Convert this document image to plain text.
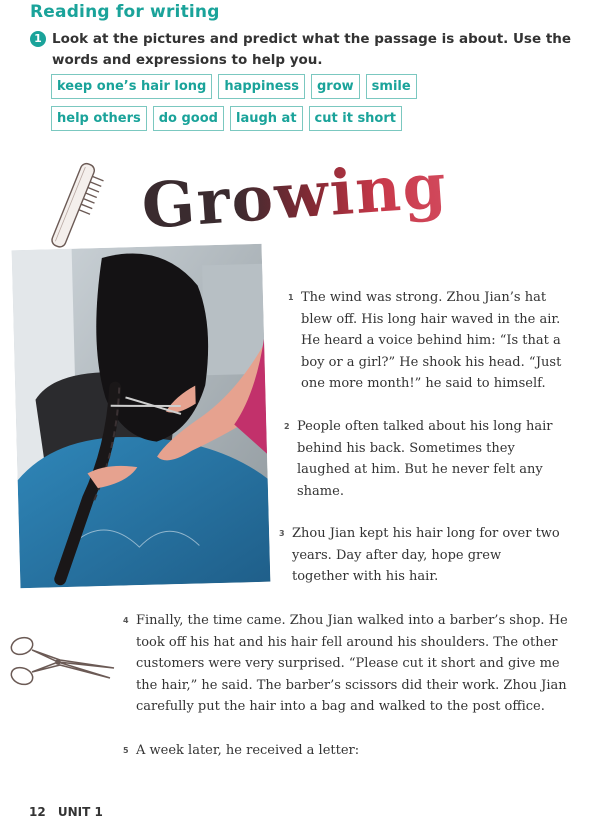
Reading for writing
1 Look at the pictures and predict what the passage is about. Use the words and expressions to help you.
keep one’s hair long	happiness	grow	smile
help others	do good	laugh at	cut it short
Growing
1 The wind was strong. Zhou Jian’s hat blew off. His long hair waved in the air. He heard a voice behind him: “Is that a boy or a girl?” He shook his head. “Just one more month!” he said to himself.
2 People often talked about his long hair behind his back. Sometimes they laughed at him. But he never felt any shame.
3 Zhou Jian kept his hair long for over two years. Day after day, hope grew together with his hair.
4 Finally, the time came. Zhou Jian walked into a barber’s shop. He took off his hat and his hair fell around his shoulders. The other customers were very surprised. “Please cut it short and give me the hair,” he said. The barber’s scissors did their work. Zhou Jian carefully put the hair into a bag and walked to the post office.
5 A week later, he received a letter:
12 UNIT 1
